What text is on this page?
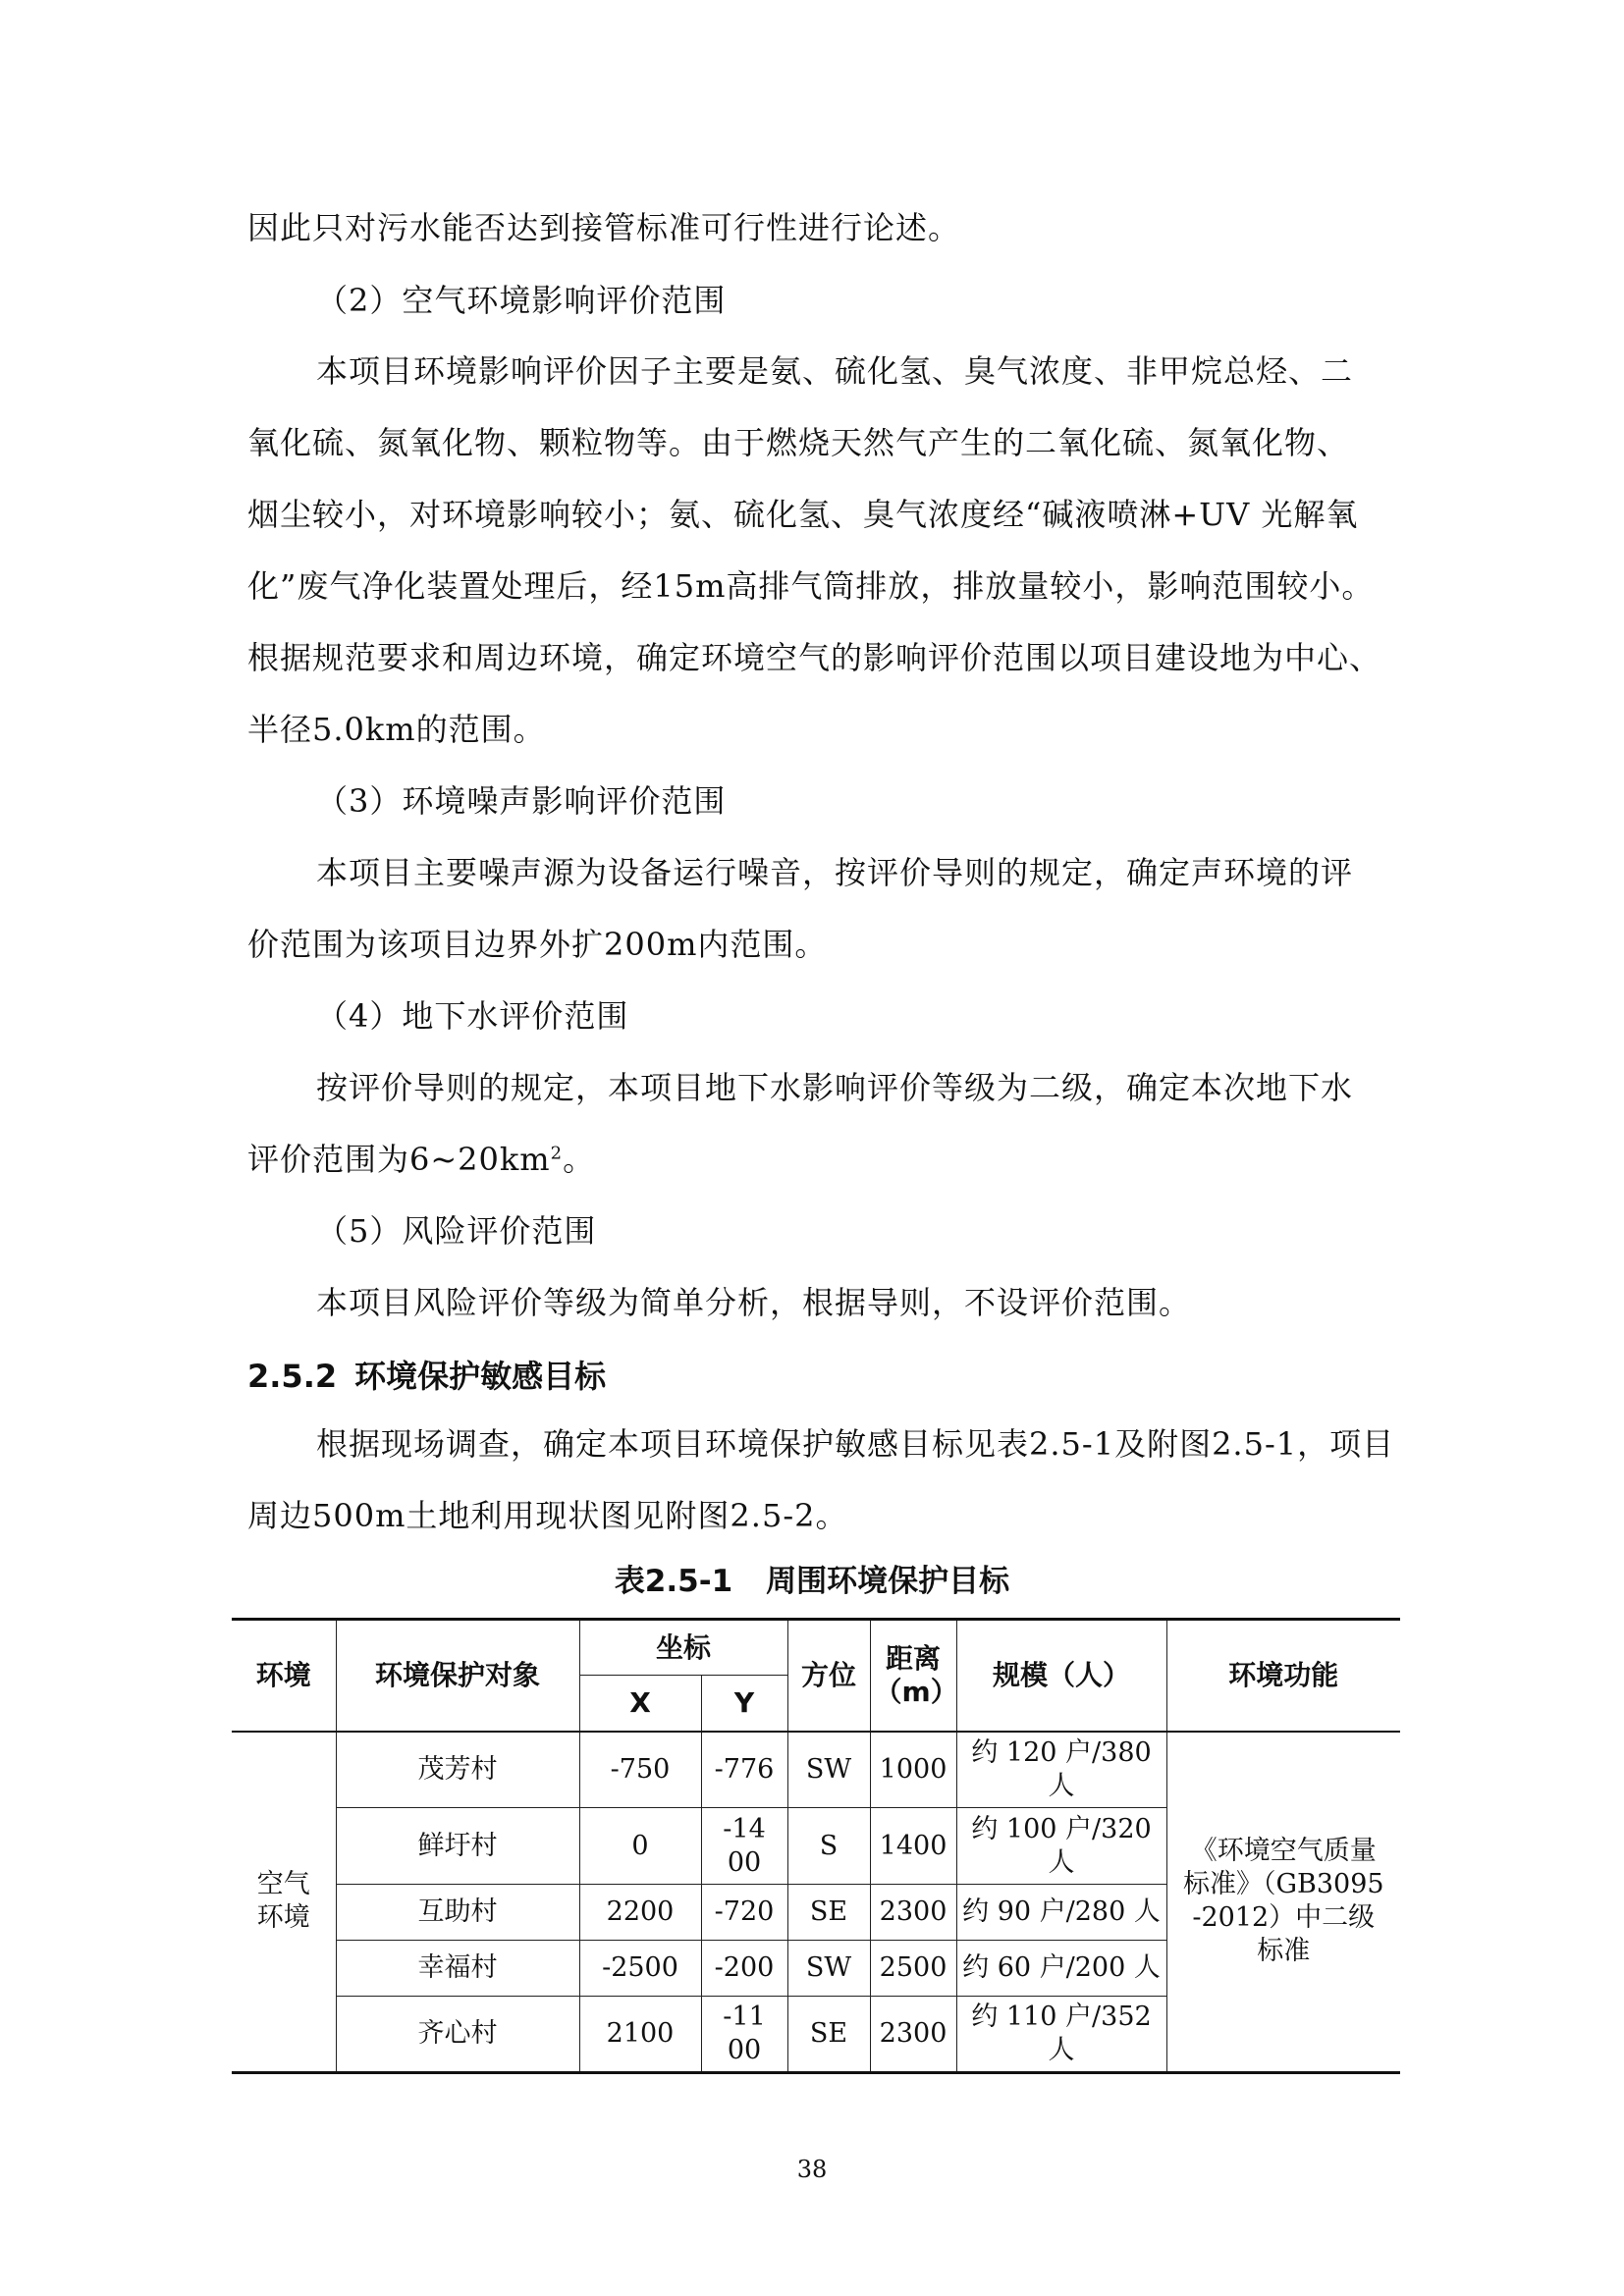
因此只对污水能否达到接管标准可行性进行论述。
（2）空气环境影响评价范围
本项目环境影响评价因子主要是氨、硫化氢、臭气浓度、非甲烷总烃、二
氧化硫、氮氧化物、颗粒物等。由于燃烧天然气产生的二氧化硫、氮氧化物、
烟尘较小，对环境影响较小；氨、硫化氢、臭气浓度经“碱液喷淋+UV 光解氧
化”废气净化装置处理后，经15m高排气筒排放，排放量较小，影响范围较小。
根据规范要求和周边环境，确定环境空气的影响评价范围以项目建设地为中心、
半径5.0km的范围。
（3）环境噪声影响评价范围
本项目主要噪声源为设备运行噪音，按评价导则的规定，确定声环境的评
价范围为该项目边界外扩200m内范围。
（4）地下水评价范围
按评价导则的规定，本项目地下水影响评价等级为二级，确定本次地下水
评价范围为$6\sim 20km^2$。
（5）风险评价范围
本项目风险评价等级为简单分析，根据导则，不设评价范围。
2.5.2 环境保护敏感目标
根据现场调查，确定本项目环境保护敏感目标见表2.5-1及附图2.5-1，项目
周边500m土地利用现状图见附图2.5-2。
表2.5-1 周围环境保护目标
环境	环境保护对象	坐标		方位	距离（m）	规模（人）	环境功能
		X	Y				
空气环境	茂芳村	-750	-776	SW	1000	约 120 户/380 人	《环境空气质量标准》（GB3095-2012）中二级标准
	鲜圩村	0	-1400	S	1400	约 100 户/320 人	
	互助村	2200	-720	SE	2300	约 90 户/280 人	
	幸福村	-2500	-200	SW	2500	约 60 户/200 人	
	齐心村	2100	-1100	SE	2300	约 110 户/352 人	
38
